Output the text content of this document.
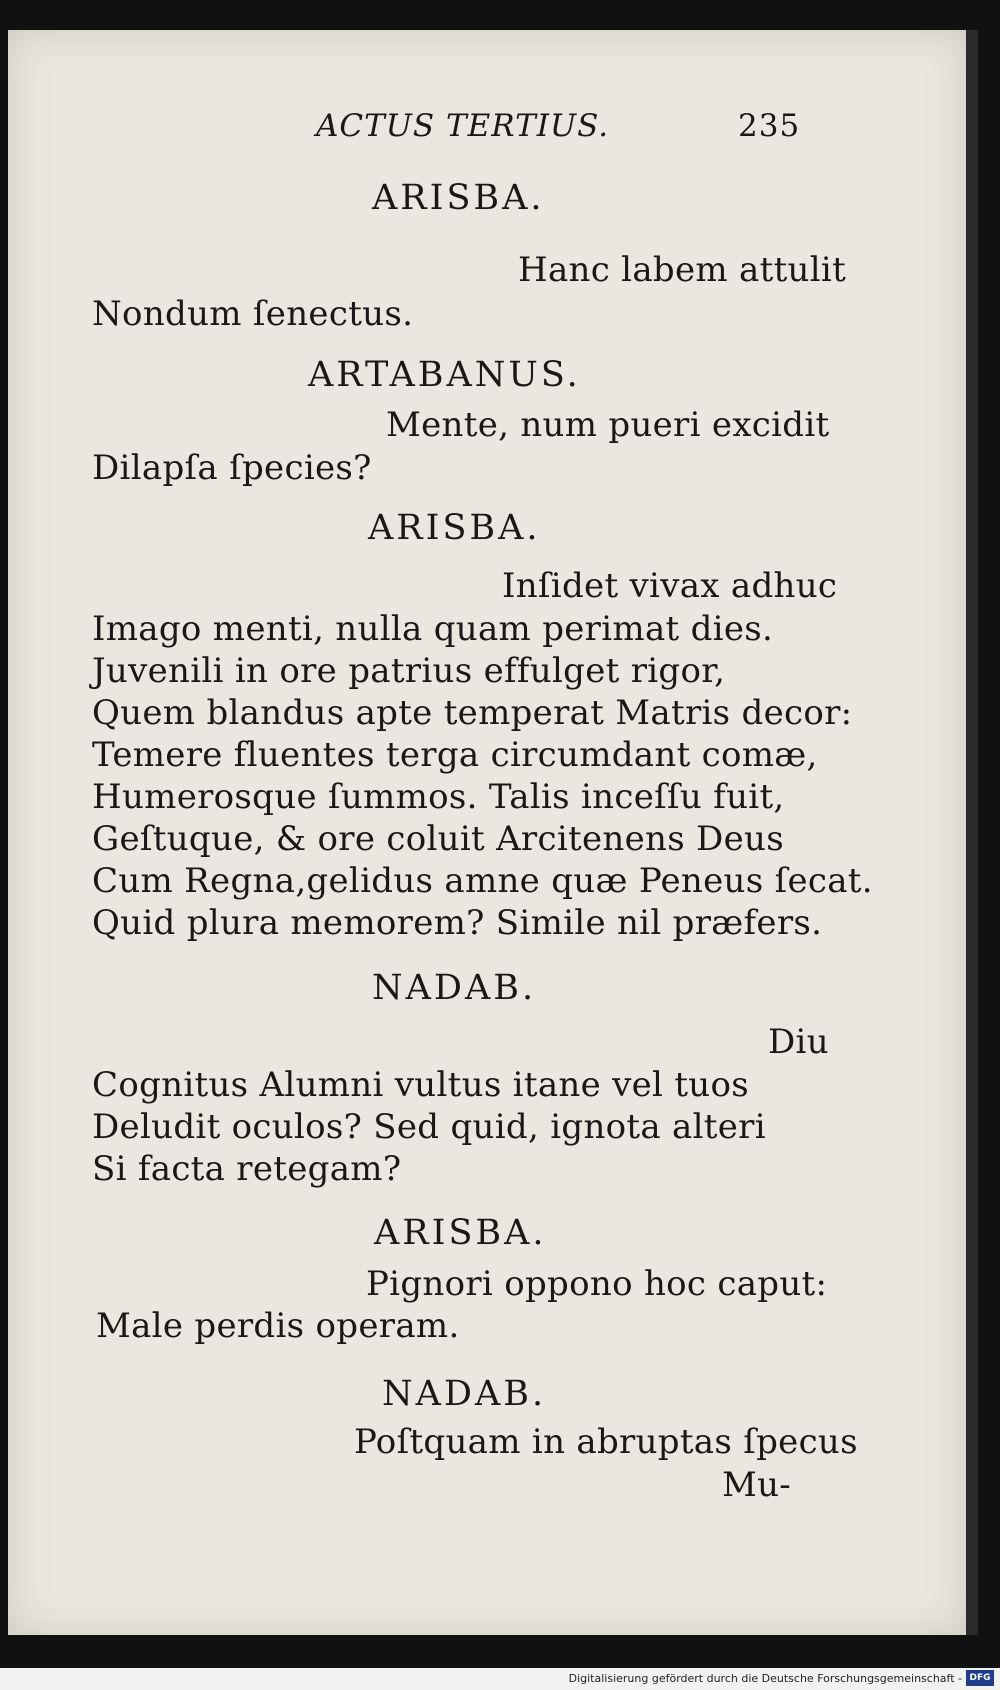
ACTUS TERTIUS.	235
ARISBA.
Hanc labem attulit
Nondum ſenectus.
ARTABANUS.
Mente, num pueri excidit
Dilapſa ſpecies?
ARISBA.
Inſidet vivax adhuc
Imago menti, nulla quam perimat dies.
Juvenili in ore patrius effulget rigor,
Quem blandus apte temperat Matris decor:
Temere fluentes terga circumdant comæ,
Humerosque ſummos. Talis inceſſu fuit,
Geſtuque, & ore coluit Arcitenens Deus
Cum Regna,gelidus amne quæ Peneus ſecat.
Quid plura memorem? Simile nil præfers.
NADAB.
Diu
Cognitus Alumni vultus itane vel tuos
Deludit oculos? Sed quid, ignota alteri
Si facta retegam?
ARISBA.
Pignori oppono hoc caput:
Male perdis operam.
NADAB.
Poſtquam in abruptas ſpecus
Mu-
Digitalisierung gefördert durch die Deutsche Forschungsgemeinschaft - DFG
